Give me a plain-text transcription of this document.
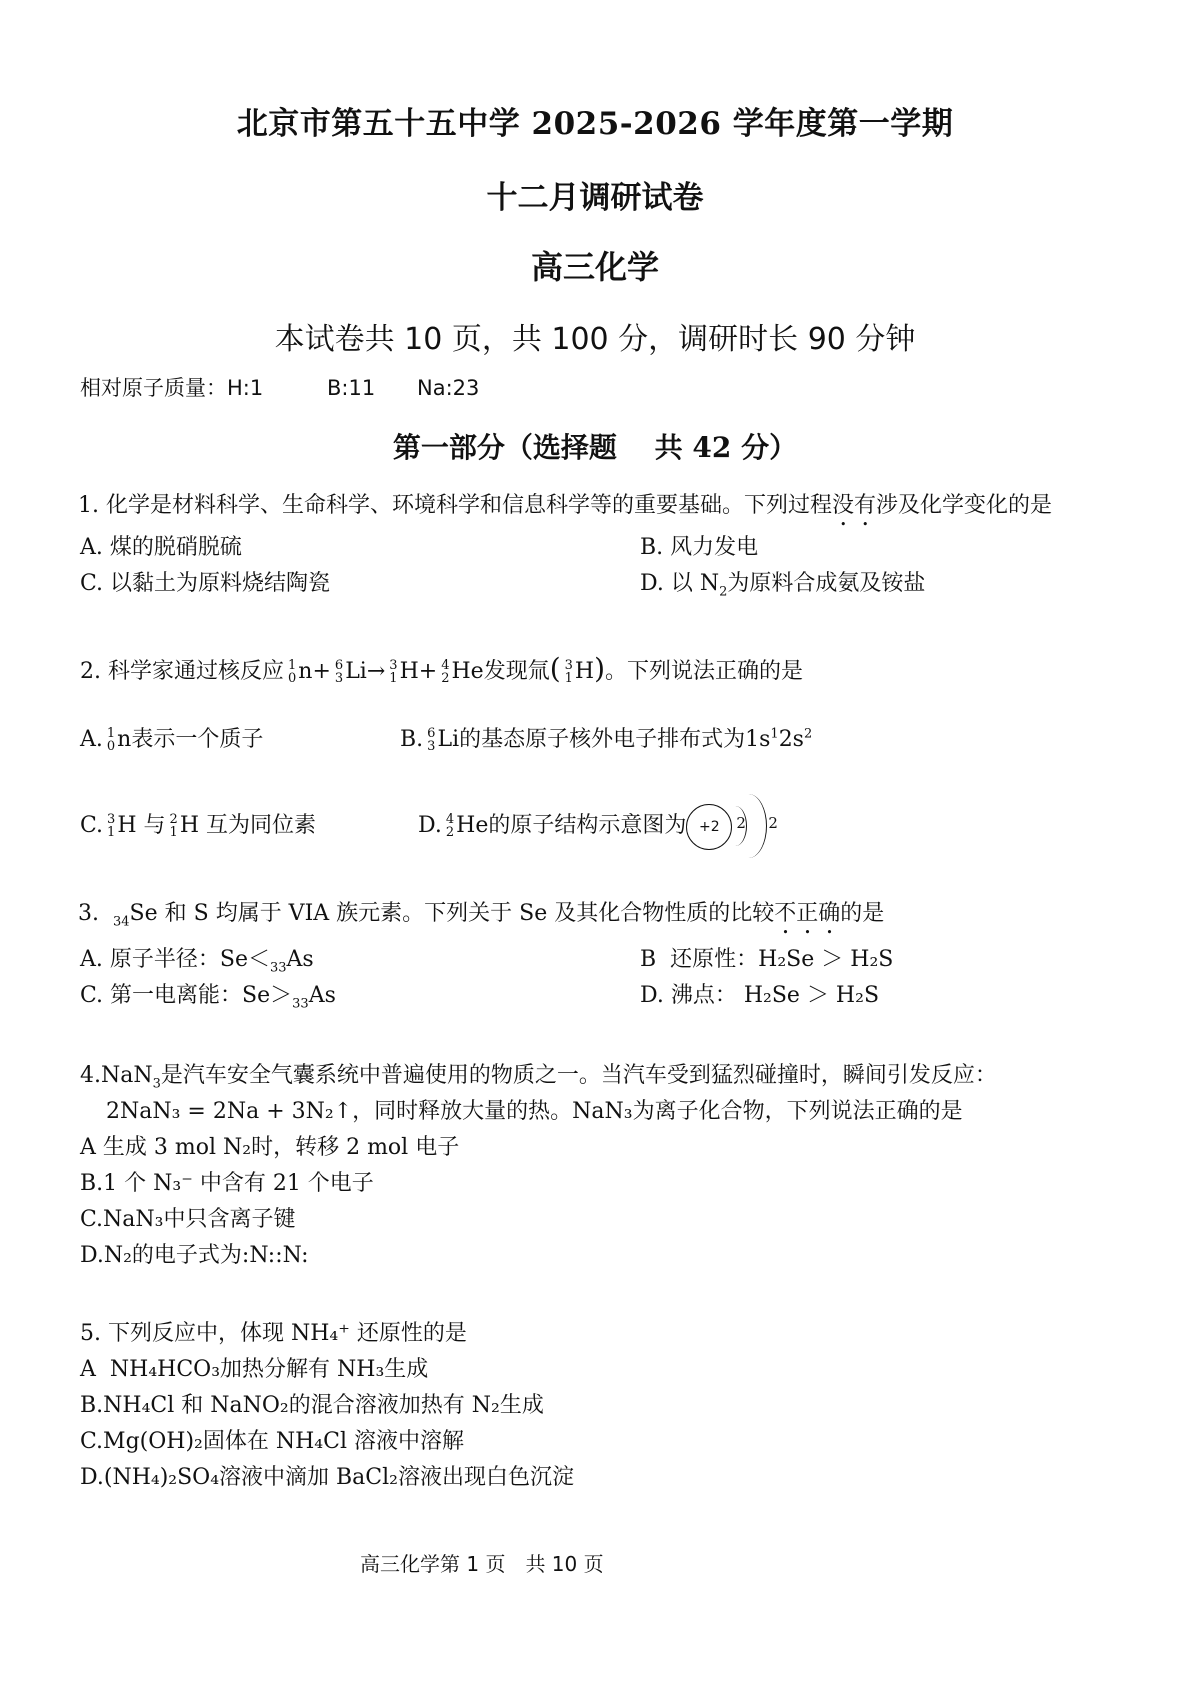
北京市第五十五中学 2025-2026 学年度第一学期
十二月调研试卷
高三化学
本试卷共 10 页，共 100 分，调研时长 90 分钟
相对原子质量：H:1	B:11 Na:23
第一部分（选择题　 共 42 分）
1. 化学是材料科学、生命科学、环境科学和信息科学等的重要基础。下列过程没有涉及化学变化的是
A. 煤的脱硝脱硫	B. 风力发电
C. 以黏土为原料烧结陶瓷	D. 以 $N_2$为原料合成氨及铵盐
2. 科学家通过核反应 1
0 n+ 6
3 Li→ 3
1 H+ 4
2 He发现氚( 3
1 H)。下列说法正确的是
A. 1
0 n表示一个质子	B. 6
3 Li的基态原子核外电子排布式为$1s^12s^2$
C. 3
1 H 与 2
1 H 互为同位素	D. 4
2 He的原子结构示意图为 +2	2 2
3. $_{34}$Se 和 S 均属于 VIA 族元素。下列关于 Se 及其化合物性质的比较不正确的是
A. 原子半径：$Se<_{33}As$	B 还原性：H₂Se ＞ H₂S
C. 第一电离能：$Se>_{33}As$	D. 沸点： H₂Se ＞ H₂S
4.NaN$_3$是汽车安全气囊系统中普遍使用的物质之一。当汽车受到猛烈碰撞时，瞬间引发反应：
2NaN₃ = 2Na + 3N₂↑，同时释放大量的热。NaN₃为离子化合物，下列说法正确的是
A 生成 3 mol N₂时，转移 2 mol 电子
B.1 个 N₃⁻ 中含有 21 个电子
C.NaN₃中只含离子键
D.N₂的电子式为:N::N:
5. 下列反应中，体现 NH₄⁺ 还原性的是
A NH₄HCO₃加热分解有 NH₃生成
B.NH₄Cl 和 NaNO₂的混合溶液加热有 N₂生成
C.Mg(OH)₂固体在 NH₄Cl 溶液中溶解
D.(NH₄)₂SO₄溶液中滴加 BaCl₂溶液出现白色沉淀
高三化学第 1 页　共 10 页
